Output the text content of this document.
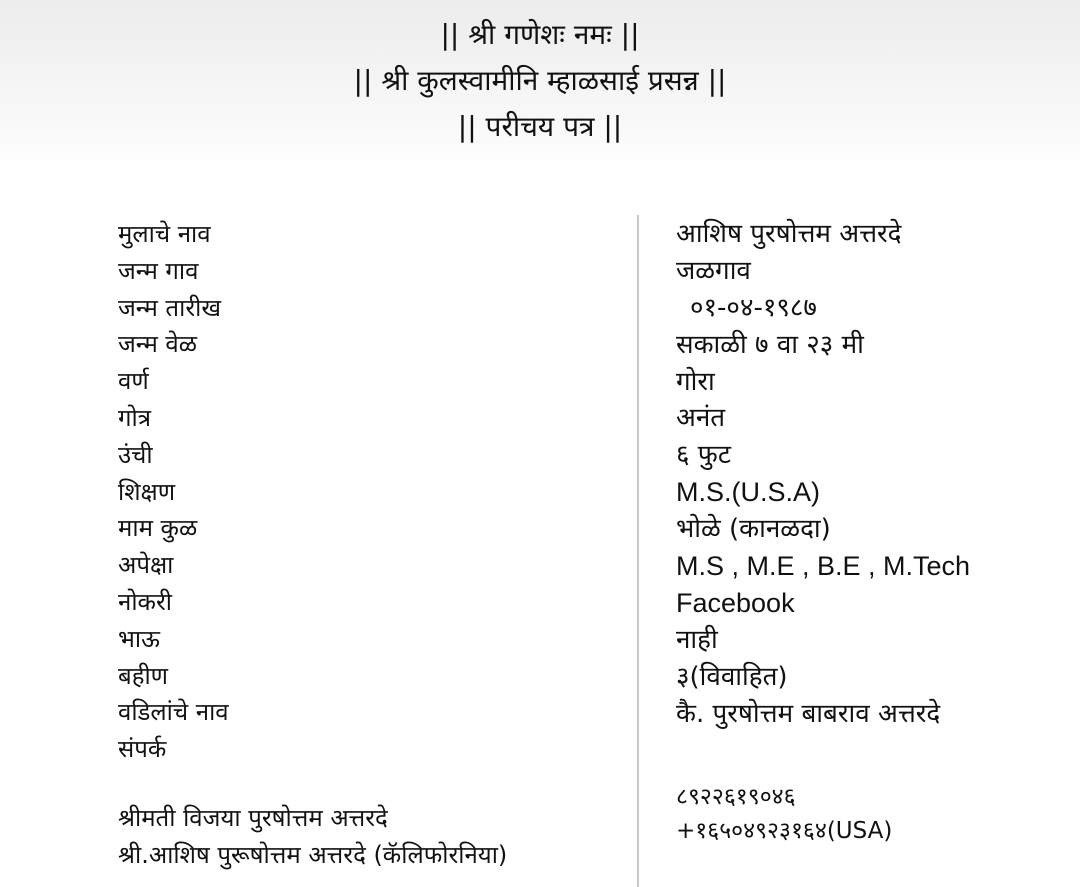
|| श्री गणेशः नमः ||
|| श्री कुलस्वामीनि म्हाळसाई प्रसन्न ||
|| परीचय पत्र ||
मुलाचे नाव
जन्म गाव
जन्म तारीख
जन्म वेळ
वर्ण
गोत्र
उंची
शिक्षण
माम कुळ
अपेक्षा
नोकरी
भाऊ
बहीण
वडिलांचे नाव
संपर्क
आशिष पुरषोत्तम अत्तरदे
जळगाव
०१-०४-१९८७
सकाळी ७ वा २३ मी
गोरा
अनंत
६ फुट
M.S.(U.S.A)
भोळे (कानळदा)
M.S , M.E , B.E , M.Tech
Facebook
नाही
३(विवाहित)
कै. पुरषोत्तम बाबराव अत्तरदे
श्रीमती विजया पुरषोत्तम अत्तरदे
श्री.आशिष पुरूषोत्तम अत्तरदे (कॅलिफोरनिया)
८९२२६१९०४६
+१६५०४९२३१६४(USA)
